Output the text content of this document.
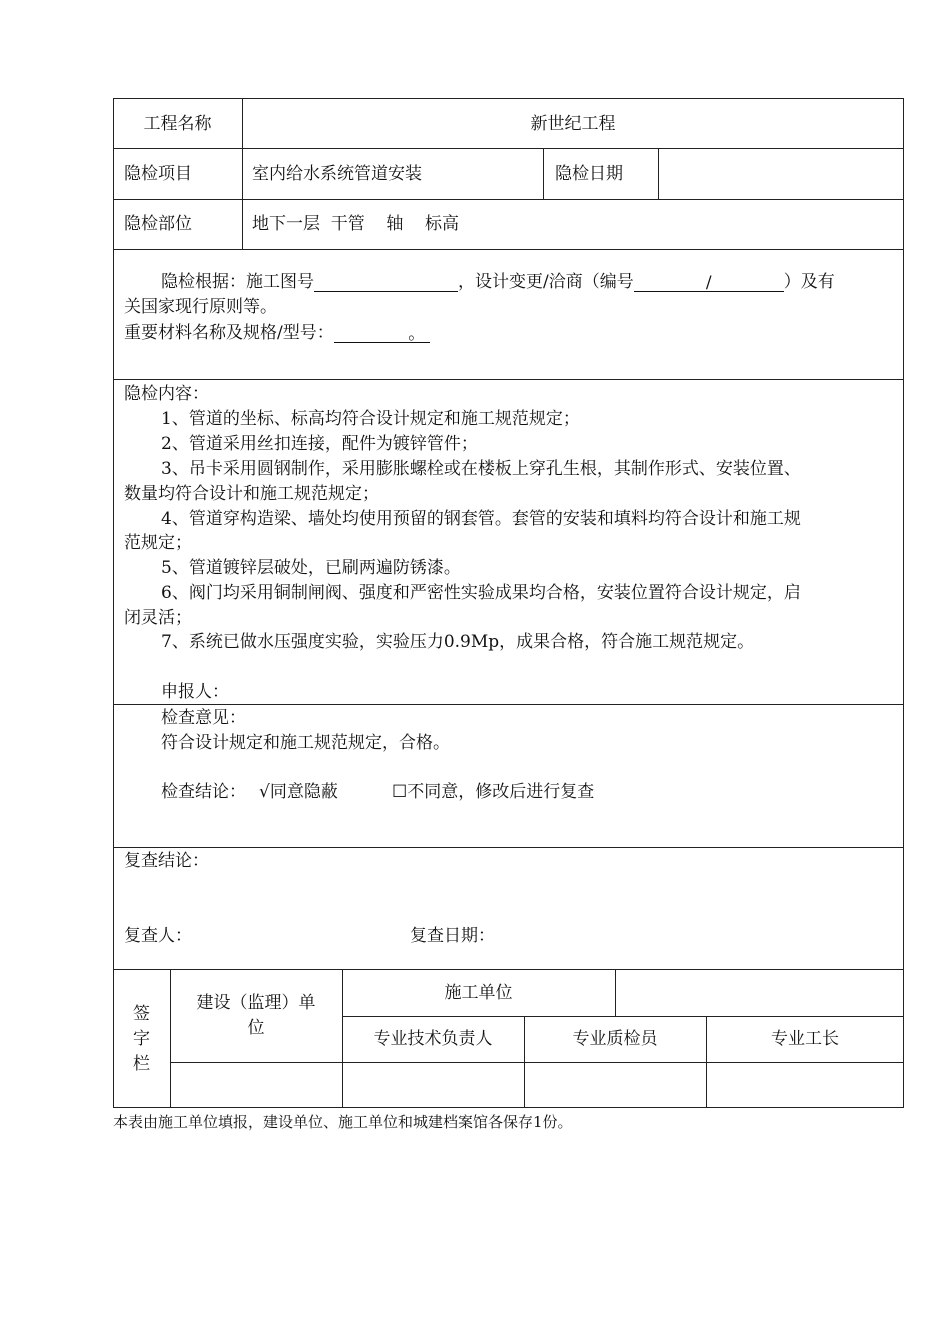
工程名称	新世纪工程
隐检项目	室内给水系统管道安装	隐检日期
隐检部位	地下一层  干管    轴    标高
隐检根据：施工图号	，设计变更/洽商（编号	/	）及有
关国家现行原则等。
重要材料名称及规格/型号：	。
隐检内容：
1、管道的坐标、标高均符合设计规定和施工规范规定；
2、管道采用丝扣连接，配件为镀锌管件；
3、吊卡采用圆钢制作，采用膨胀螺栓或在楼板上穿孔生根，其制作形式、安装位置、
数量均符合设计和施工规范规定；
4、管道穿构造梁、墙处均使用预留的钢套管。套管的安装和填料均符合设计和施工规
范规定；
5、管道镀锌层破处，已刷两遍防锈漆。
6、阀门均采用铜制闸阀、强度和严密性实验成果均合格，安装位置符合设计规定，启
闭灵活；
7、系统已做水压强度实验，实验压力0.9Mp，成果合格，符合施工规范规定。
申报人：
检查意见：
符合设计规定和施工规范规定，合格。
检查结论： √同意隐蔽	☐不同意，修改后进行复查
复查结论：
复查人：	复查日期：
签
字
栏
建设（监理）单
位
施工单位
专业技术负责人	专业质检员	专业工长
本表由施工单位填报，建设单位、施工单位和城建档案馆各保存1份。
